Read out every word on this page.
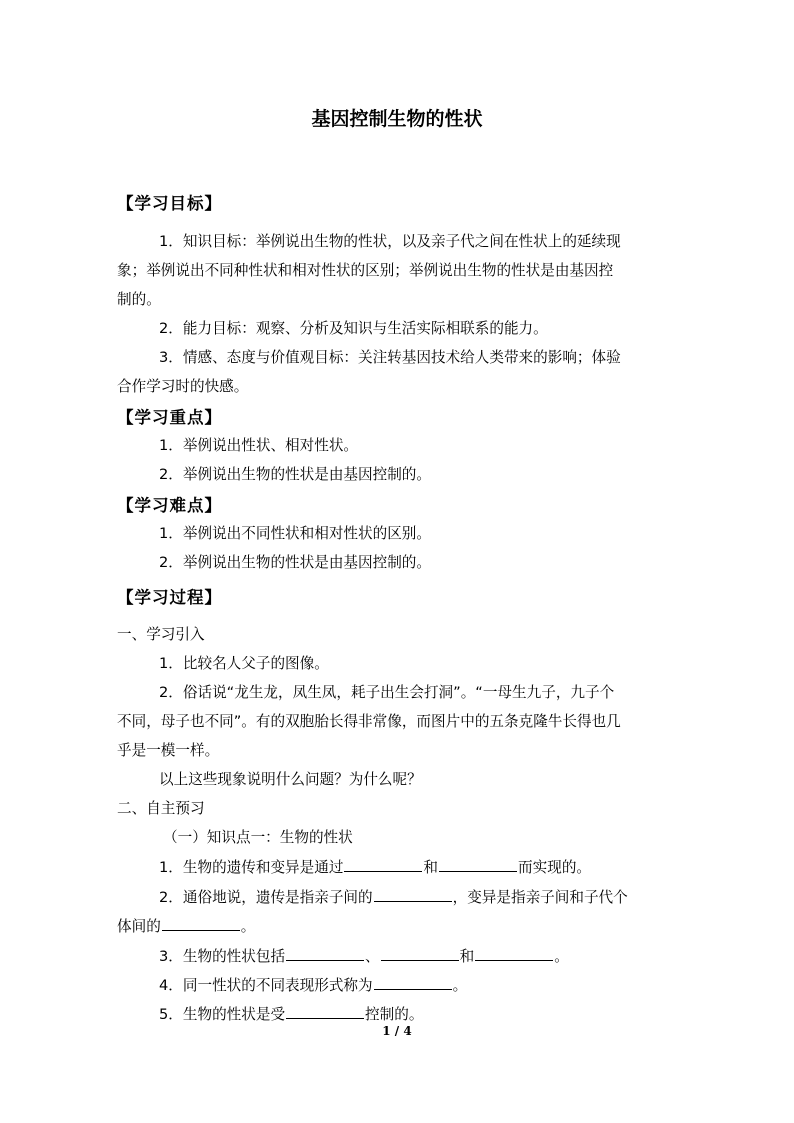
基因控制生物的性状
【学习目标】
1．知识目标：举例说出生物的性状，以及亲子代之间在性状上的延续现
象；举例说出不同种性状和相对性状的区别；举例说出生物的性状是由基因控
制的。
2．能力目标：观察、分析及知识与生活实际相联系的能力。
3．情感、态度与价值观目标：关注转基因技术给人类带来的影响；体验
合作学习时的快感。
【学习重点】
1．举例说出性状、相对性状。
2．举例说出生物的性状是由基因控制的。
【学习难点】
1．举例说出不同性状和相对性状的区别。
2．举例说出生物的性状是由基因控制的。
【学习过程】
一、学习引入
1．比较名人父子的图像。
2．俗话说“龙生龙，凤生凤，耗子出生会打洞”。“一母生九子，九子个
不同，母子也不同”。有的双胞胎长得非常像，而图片中的五条克隆牛长得也几
乎是一模一样。
以上这些现象说明什么问题？为什么呢？
二、自主预习
（一）知识点一：生物的性状
1．生物的遗传和变异是通过	和	而实现的。
2．通俗地说，遗传是指亲子间的	，变异是指亲子间和子代个
体间的	。
3．生物的性状包括	、	和	。
4．同一性状的不同表现形式称为	。
5．生物的性状是受	控制的。
1 / 4
